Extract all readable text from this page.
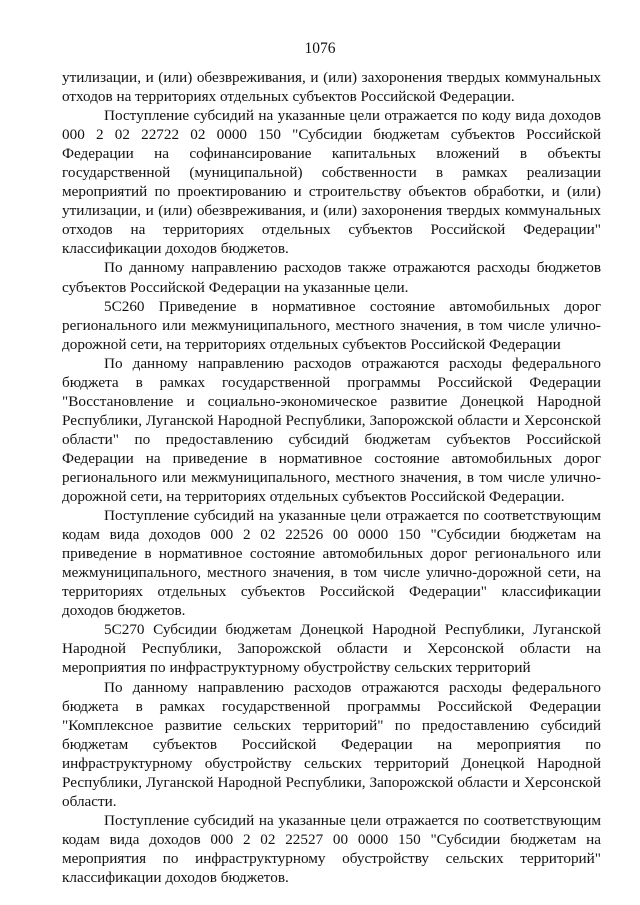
1076

утилизации, и (или) обезвреживания, и (или) захоронения твердых коммунальных отходов на территориях отдельных субъектов Российской Федерации.

Поступление субсидий на указанные цели отражается по коду вида доходов 000 2 02 22722 02 0000 150 "Субсидии бюджетам субъектов Российской Федерации на софинансирование капитальных вложений в объекты государственной (муниципальной) собственности в рамках реализации мероприятий по проектированию и строительству объектов обработки, и (или) утилизации, и (или) обезвреживания, и (или) захоронения твердых коммунальных отходов на территориях отдельных субъектов Российской Федерации" классификации доходов бюджетов.

По данному направлению расходов также отражаются расходы бюджетов субъектов Российской Федерации на указанные цели.

5С260 Приведение в нормативное состояние автомобильных дорог регионального или межмуниципального, местного значения, в том числе улично-дорожной сети, на территориях отдельных субъектов Российской Федерации

По данному направлению расходов отражаются расходы федерального бюджета в рамках государственной программы Российской Федерации "Восстановление и социально-экономическое развитие Донецкой Народной Республики, Луганской Народной Республики, Запорожской области и Херсонской области" по предоставлению субсидий бюджетам субъектов Российской Федерации на приведение в нормативное состояние автомобильных дорог регионального или межмуниципального, местного значения, в том числе улично-дорожной сети, на территориях отдельных субъектов Российской Федерации.

Поступление субсидий на указанные цели отражается по соответствующим кодам вида доходов 000 2 02 22526 00 0000 150 "Субсидии бюджетам на приведение в нормативное состояние автомобильных дорог регионального или межмуниципального, местного значения, в том числе улично-дорожной сети, на территориях отдельных субъектов Российской Федерации" классификации доходов бюджетов.

5С270 Субсидии бюджетам Донецкой Народной Республики, Луганской Народной Республики, Запорожской области и Херсонской области на мероприятия по инфраструктурному обустройству сельских территорий

По данному направлению расходов отражаются расходы федерального бюджета в рамках государственной программы Российской Федерации "Комплексное развитие сельских территорий" по предоставлению субсидий бюджетам субъектов Российской Федерации на мероприятия по инфраструктурному обустройству сельских территорий Донецкой Народной Республики, Луганской Народной Республики, Запорожской области и Херсонской области.

Поступление субсидий на указанные цели отражается по соответствующим кодам вида доходов 000 2 02 22527 00 0000 150 "Субсидии бюджетам на мероприятия по инфраструктурному обустройству сельских территорий" классификации доходов бюджетов.
